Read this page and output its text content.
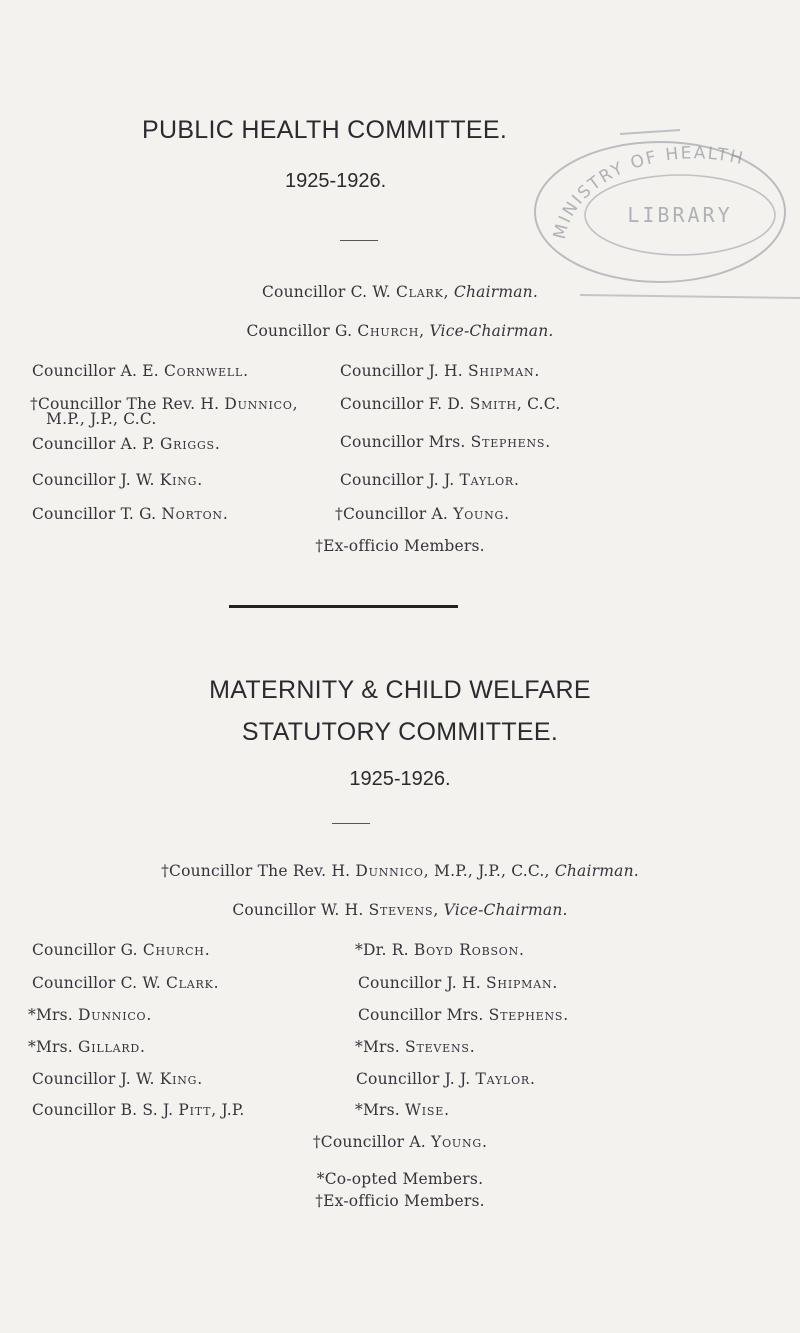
MINISTRY OF HEALTH
LIBRARY
PUBLIC HEALTH COMMITTEE.
1925-1926.
Councillor C. W. Clark, Chairman.
Councillor G. Church, Vice-Chairman.
Councillor A. E. Cornwell.
†Councillor The Rev. H. Dunnico,
M.P., J.P., C.C.
Councillor A. P. Griggs.
Councillor J. W. King.
Councillor T. G. Norton.
Councillor J. H. Shipman.
Councillor F. D. Smith, C.C.
Councillor Mrs. Stephens.
Councillor J. J. Taylor.
†Councillor A. Young.
†Ex-officio Members.
MATERNITY & CHILD WELFARE
STATUTORY COMMITTEE.
1925-1926.
†Councillor The Rev. H. Dunnico, M.P., J.P., C.C., Chairman.
Councillor W. H. Stevens, Vice-Chairman.
Councillor G. Church.
Councillor C. W. Clark.
*Mrs. Dunnico.
*Mrs. Gillard.
Councillor J. W. King.
Councillor B. S. J. Pitt, J.P.
*Dr. R. Boyd Robson.
Councillor J. H. Shipman.
Councillor Mrs. Stephens.
*Mrs. Stevens.
Councillor J. J. Taylor.
*Mrs. Wise.
†Councillor A. Young.
*Co-opted Members.
†Ex-officio Members.
